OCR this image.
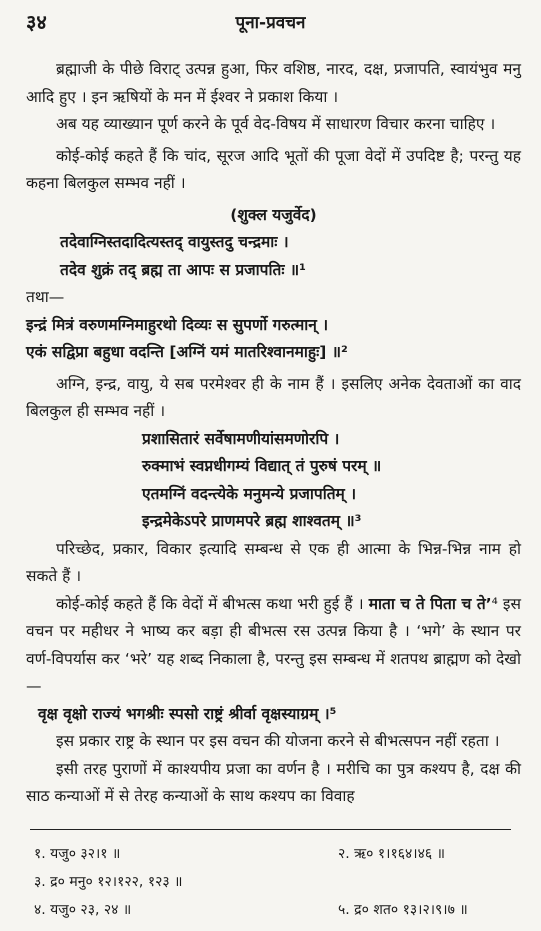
३४	पूना-प्रवचन

ब्रह्माजी के पीछे विराट् उत्पन्न हुआ, फिर वशिष्ठ, नारद, दक्ष, प्रजापति, स्वायंभुव मनु आदि हुए । इन ऋषियों के मन में ईश्वर ने प्रकाश किया ।

अब यह व्याख्यान पूर्ण करने के पूर्व वेद-विषय में साधारण विचार करना चाहिए ।

कोई-कोई कहते हैं कि चांद, सूरज आदि भूतों की पूजा वेदों में उपदिष्ट है; परन्तु यह कहना बिलकुल सम्भव नहीं ।

(शुक्ल यजुर्वेद)

तदेवाग्निस्तदादित्यस्तद् वायुस्तदु चन्द्रमाः ।

तदेव शुक्रं तद् ब्रह्म ता आपः स प्रजापतिः ॥¹

तथा—

इन्द्रं मित्रं वरुणमग्निमाहुरथो दिव्यः स सुपर्णो गरुत्मान् ।

एकं सद्विप्रा बहुधा वदन्ति [अग्निं यमं मातरिश्वानमाहुः] ॥²

अग्नि, इन्द्र, वायु, ये सब परमेश्वर ही के नाम हैं । इसलिए अनेक देवताओं का वाद बिलकुल ही सम्भव नहीं ।

प्रशासितारं सर्वेषामणीयांसमणोरपि ।

रुक्माभं स्वप्नधीगम्यं विद्यात् तं पुरुषं परम् ॥

एतमग्निं वदन्त्येके मनुमन्ये प्रजापतिम् ।

इन्द्रमेकेऽपरे प्राणमपरे ब्रह्म शाश्वतम् ॥³

परिच्छेद, प्रकार, विकार इत्यादि सम्बन्ध से एक ही आत्मा के भिन्न-भिन्न नाम हो सकते हैं ।

कोई-कोई कहते हैं कि वेदों में बीभत्स कथा भरी हुई हैं । माता च ते पिता च ते’⁴ इस वचन पर महीधर ने भाष्य कर बड़ा ही बीभत्स रस उत्पन्न किया है । ‘भगे’ के स्थान पर वर्ण-विपर्यास कर ‘भरे’ यह शब्द निकाला है, परन्तु इस सम्बन्ध में शतपथ ब्राह्मण को देखो—

वृक्ष वृक्षो राज्यं भगश्रीः स्पसो राष्ट्रं श्रीर्वा वृक्षस्याग्रम् ।⁵

इस प्रकार राष्ट्र के स्थान पर इस वचन की योजना करने से बीभत्सपन नहीं रहता ।

इसी तरह पुराणों में काश्यपीय प्रजा का वर्णन है । मरीचि का पुत्र कश्यप है, दक्ष की साठ कन्याओं में से तेरह कन्याओं के साथ कश्यप का विवाह

१. यजु० ३२।१ ॥	२. ऋ० १।१६४।४६ ॥
३. द्र० मनु० १२।१२२, १२३ ॥
४. यजु० २३, २४ ॥	५. द्र० शत० १३।२।९।७ ॥
